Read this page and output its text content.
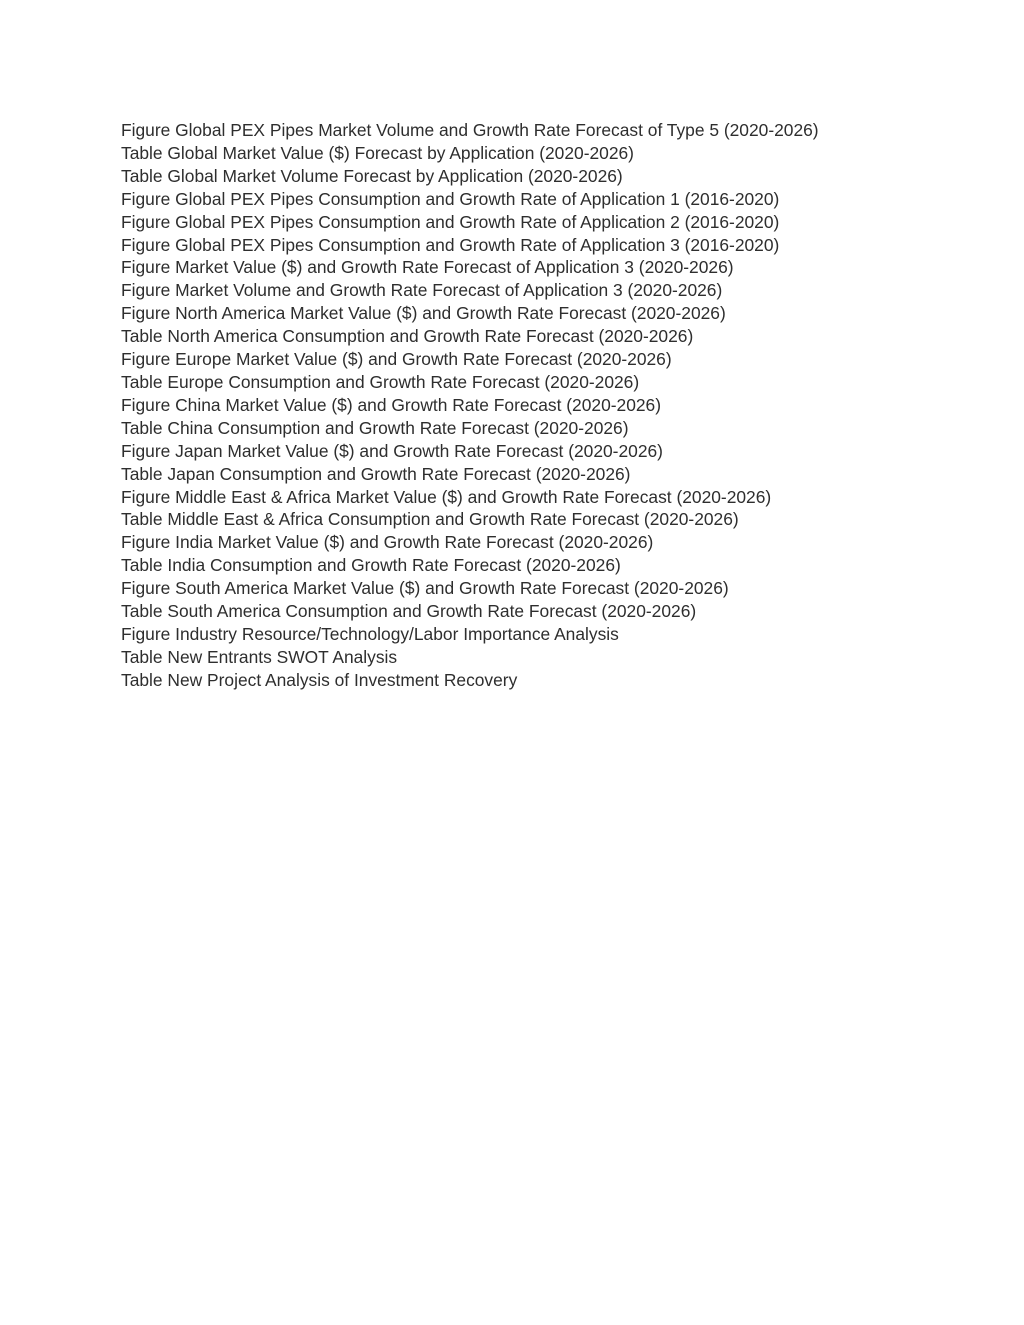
Figure Global PEX Pipes Market Volume and Growth Rate Forecast of Type 5 (2020-2026)
Table Global Market Value ($) Forecast by Application (2020-2026)
Table Global Market Volume Forecast by Application (2020-2026)
Figure Global PEX Pipes Consumption and Growth Rate of Application 1 (2016-2020)
Figure Global PEX Pipes Consumption and Growth Rate of Application 2 (2016-2020)
Figure Global PEX Pipes Consumption and Growth Rate of Application 3 (2016-2020)
Figure Market Value ($) and Growth Rate Forecast of Application 3 (2020-2026)
Figure Market Volume and Growth Rate Forecast of Application 3 (2020-2026)
Figure North America Market Value ($) and Growth Rate Forecast (2020-2026)
Table North America Consumption and Growth Rate Forecast (2020-2026)
Figure Europe Market Value ($) and Growth Rate Forecast (2020-2026)
Table Europe Consumption and Growth Rate Forecast (2020-2026)
Figure China Market Value ($) and Growth Rate Forecast (2020-2026)
Table China Consumption and Growth Rate Forecast (2020-2026)
Figure Japan Market Value ($) and Growth Rate Forecast (2020-2026)
Table Japan Consumption and Growth Rate Forecast (2020-2026)
Figure Middle East & Africa Market Value ($) and Growth Rate Forecast (2020-2026)
Table Middle East & Africa Consumption and Growth Rate Forecast (2020-2026)
Figure India Market Value ($) and Growth Rate Forecast (2020-2026)
Table India Consumption and Growth Rate Forecast (2020-2026)
Figure South America Market Value ($) and Growth Rate Forecast (2020-2026)
Table South America Consumption and Growth Rate Forecast (2020-2026)
Figure Industry Resource/Technology/Labor Importance Analysis
Table New Entrants SWOT Analysis
Table New Project Analysis of Investment Recovery
